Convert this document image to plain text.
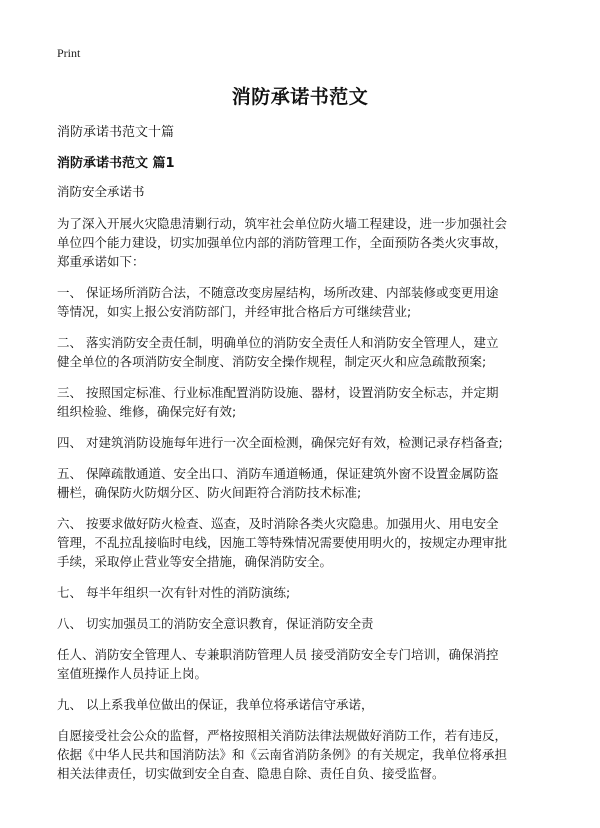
Print
消防承诺书范文

消防承诺书范文十篇

消防承诺书范文 篇1

消防安全承诺书

为了深入开展火灾隐患清剿行动，筑牢社会单位防火墙工程建设，进一步加强社会
单位四个能力建设，切实加强单位内部的消防管理工作，全面预防各类火灾事故，
郑重承诺如下：

一、 保证场所消防合法，不随意改变房屋结构，场所改建、内部装修或变更用途
等情况，如实上报公安消防部门，并经审批合格后方可继续营业;

二、 落实消防安全责任制，明确单位的消防安全责任人和消防安全管理人，建立
健全单位的各项消防安全制度、消防安全操作规程，制定灭火和应急疏散预案;

三、 按照国定标准、行业标准配置消防设施、器材，设置消防安全标志，并定期
组织检验、维修，确保完好有效;

四、 对建筑消防设施每年进行一次全面检测，确保完好有效，检测记录存档备查;

五、 保障疏散通道、安全出口、消防车通道畅通，保证建筑外窗不设置金属防盗
栅栏，确保防火防烟分区、防火间距符合消防技术标准;

六、 按要求做好防火检查、巡查，及时消除各类火灾隐患。加强用火、用电安全
管理，不乱拉乱接临时电线，因施工等特殊情况需要使用明火的，按规定办理审批
手续，采取停止营业等安全措施，确保消防安全。

七、 每半年组织一次有针对性的消防演练;

八、 切实加强员工的消防安全意识教育，保证消防安全责

任人、消防安全管理人、专兼职消防管理人员 接受消防安全专门培训，确保消控
室值班操作人员持证上岗。

九、 以上系我单位做出的保证，我单位将承诺信守承诺，

自愿接受社会公众的监督，严格按照相关消防法律法规做好消防工作，若有违反，
依据《中华人民共和国消防法》和《云南省消防条例》的有关规定，我单位将承担
相关法律责任，切实做到安全自查、隐患自除、责任自负、接受监督。
